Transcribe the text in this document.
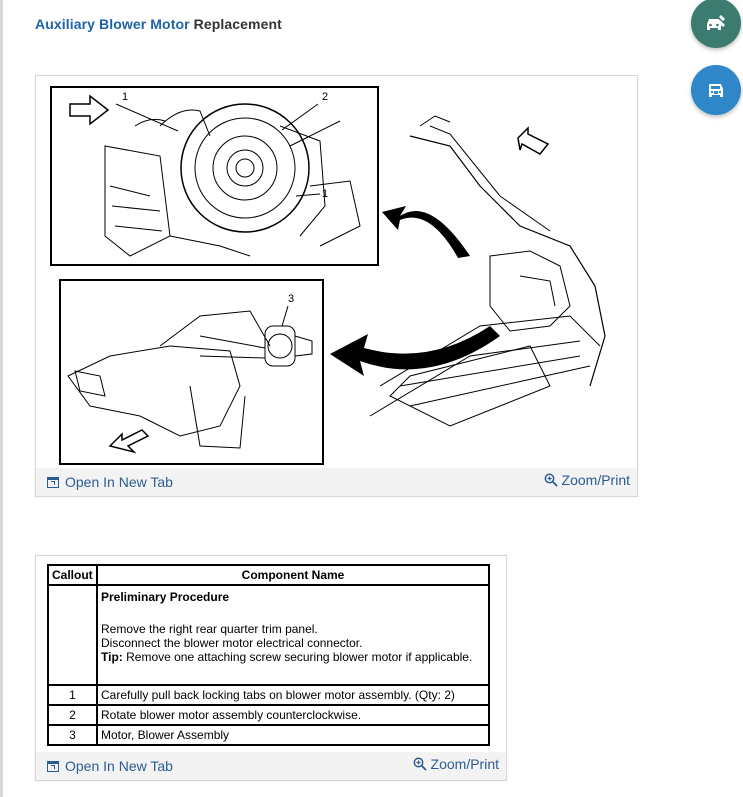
Auxiliary Blower Motor Replacement
1	2
1
3
Open In New Tab	Zoom/Print
Callout	Component Name

	Preliminary Procedure
Remove the right rear quarter trim panel.
Disconnect the blower motor electrical connector.
Tip: Remove one attaching screw securing blower motor if applicable.

1	Carefully pull back locking tabs on blower motor assembly. (Qty: 2)
2	Rotate blower motor assembly counterclockwise.
3	Motor, Blower Assembly
Open In New Tab	Zoom/Print
